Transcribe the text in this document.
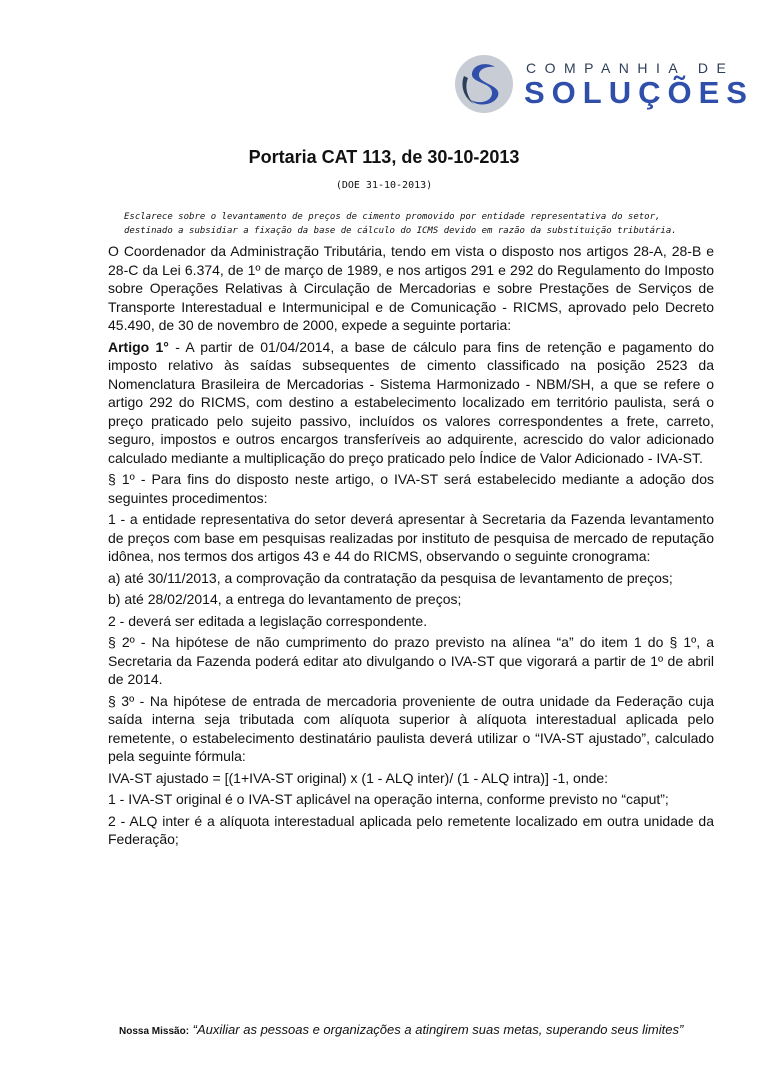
COMPANHIA DE
SOLUÇÕES
Portaria CAT 113, de 30-10-2013

(DOE 31-10-2013)

Esclarece sobre o levantamento de preços de cimento promovido por entidade representativa do setor, destinado a subsidiar a fixação da base de cálculo do ICMS devido em razão da substituição tributária.

O Coordenador da Administração Tributária, tendo em vista o disposto nos artigos 28-A, 28-B e 28-C da Lei 6.374, de 1º de março de 1989, e nos artigos 291 e 292 do Regulamento do Imposto sobre Operações Relativas à Circulação de Mercadorias e sobre Prestações de Serviços de Transporte Interestadual e Intermunicipal e de Comunicação - RICMS, aprovado pelo Decreto 45.490, de 30 de novembro de 2000, expede a seguinte portaria:

Artigo 1° - A partir de 01/04/2014, a base de cálculo para fins de retenção e pagamento do imposto relativo às saídas subsequentes de cimento classificado na posição 2523 da Nomenclatura Brasileira de Mercadorias - Sistema Harmonizado - NBM/SH, a que se refere o artigo 292 do RICMS, com destino a estabelecimento localizado em território paulista, será o preço praticado pelo sujeito passivo, incluídos os valores correspondentes a frete, carreto, seguro, impostos e outros encargos transferíveis ao adquirente, acrescido do valor adicionado calculado mediante a multiplicação do preço praticado pelo Índice de Valor Adicionado - IVA-ST.

§ 1º - Para fins do disposto neste artigo, o IVA-ST será estabelecido mediante a adoção dos seguintes procedimentos:

1 - a entidade representativa do setor deverá apresentar à Secretaria da Fazenda levantamento de preços com base em pesquisas realizadas por instituto de pesquisa de mercado de reputação idônea, nos termos dos artigos 43 e 44 do RICMS, observando o seguinte cronograma:

a) até 30/11/2013, a comprovação da contratação da pesquisa de levantamento de preços;

b) até 28/02/2014, a entrega do levantamento de preços;

2 - deverá ser editada a legislação correspondente.

§ 2º - Na hipótese de não cumprimento do prazo previsto na alínea “a” do item 1 do § 1º, a Secretaria da Fazenda poderá editar ato divulgando o IVA-ST que vigorará a partir de 1º de abril de 2014.

§ 3º - Na hipótese de entrada de mercadoria proveniente de outra unidade da Federação cuja saída interna seja tributada com alíquota superior à alíquota interestadual aplicada pelo remetente, o estabelecimento destinatário paulista deverá utilizar o “IVA-ST ajustado”, calculado pela seguinte fórmula:

IVA-ST ajustado = [(1+IVA-ST original) x (1 - ALQ inter)/ (1 - ALQ intra)] -1, onde:

1 - IVA-ST original é o IVA-ST aplicável na operação interna, conforme previsto no “caput”;

2 - ALQ inter é a alíquota interestadual aplicada pelo remetente localizado em outra unidade da Federação;

Nossa Missão: “Auxiliar as pessoas e organizações a atingirem suas metas, superando seus limites”
